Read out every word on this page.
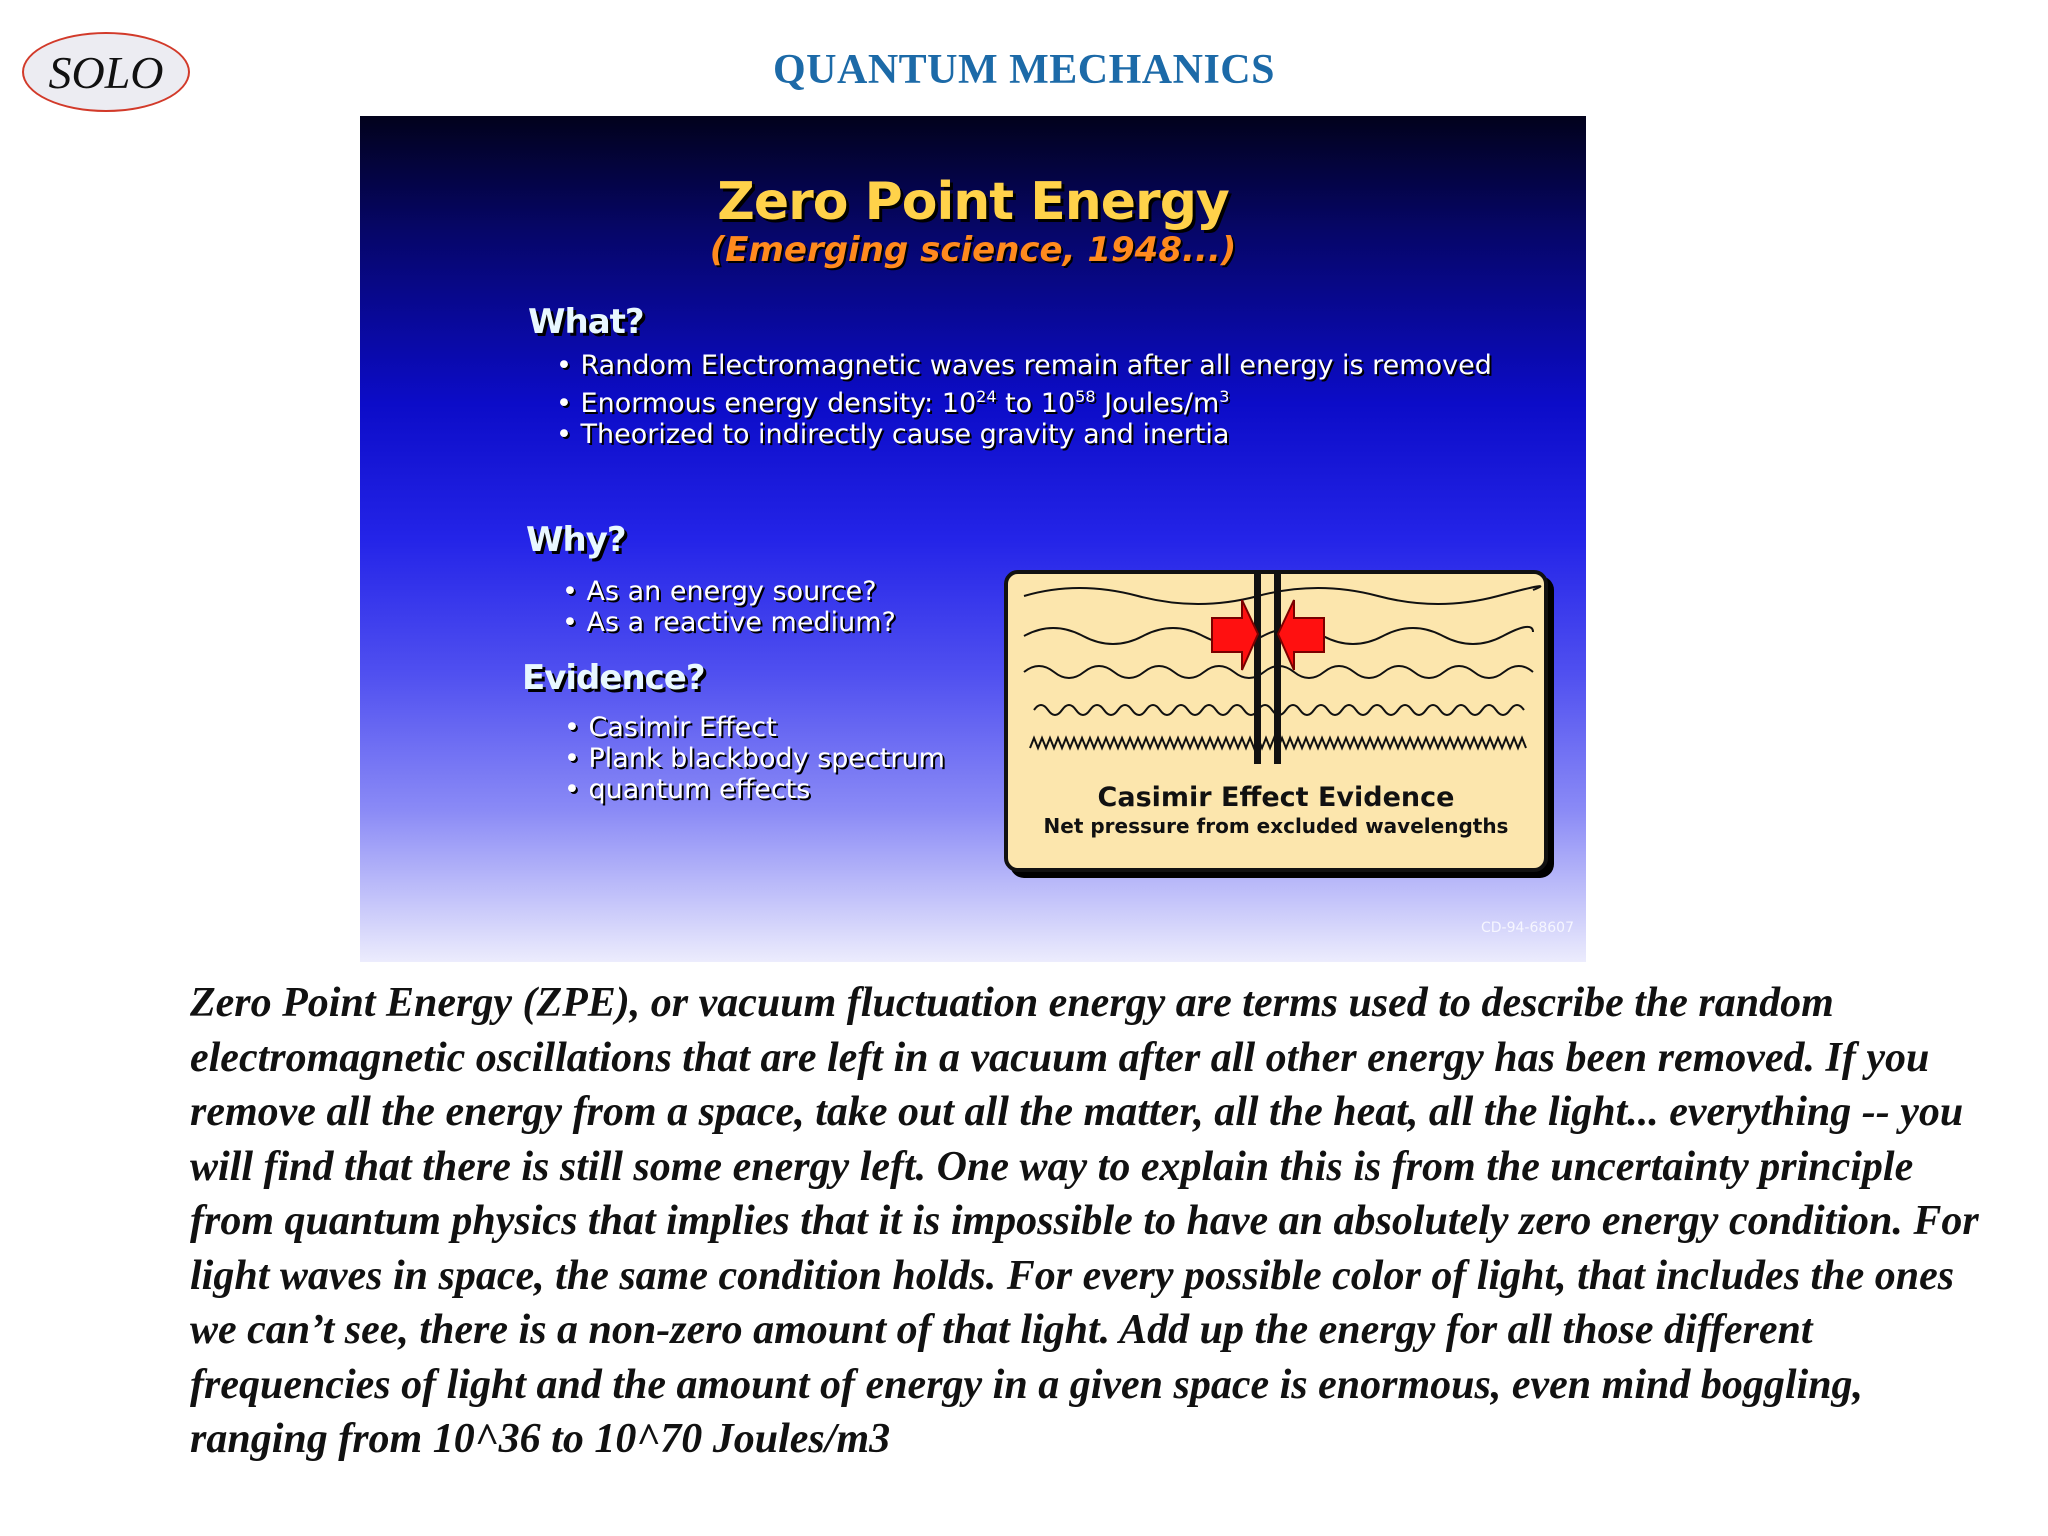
SOLO	QUANTUM MECHANICS
Zero Point Energy
(Emerging science, 1948...)
What?
• Random Electromagnetic waves remain after all energy is removed
• Enormous energy density: $10^{24}$ to $10^{58}$ Joules/$m^3$
• Theorized to indirectly cause gravity and inertia
Why?
• As an energy source?
• As a reactive medium?
Evidence?
• Casimir Effect
• Plank blackbody spectrum
• quantum effects	Casimir Effect Evidence
Net pressure from excluded wavelengths
CD-94-68607

Zero Point Energy (ZPE), or vacuum fluctuation energy are terms used to describe the random electromagnetic oscillations that are left in a vacuum after all other energy has been removed. If you remove all the energy from a space, take out all the matter, all the heat, all the light... everything -- you will find that there is still some energy left. One way to explain this is from the uncertainty principle from quantum physics that implies that it is impossible to have an absolutely zero energy condition. For light waves in space, the same condition holds. For every possible color of light, that includes the ones we can’t see, there is a non-zero amount of that light. Add up the energy for all those different frequencies of light and the amount of energy in a given space is enormous, even mind boggling, ranging from 10^36 to 10^70 Joules/m3
